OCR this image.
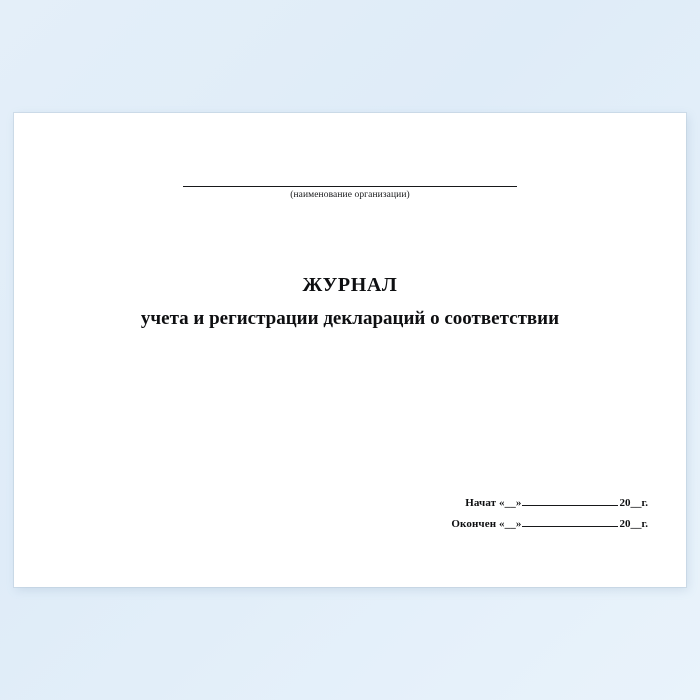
(наименование организации)
ЖУРНАЛ
учета и регистрации деклараций о соответствии
Начат «__»	20__г.
Окончен «__»	20__г.
